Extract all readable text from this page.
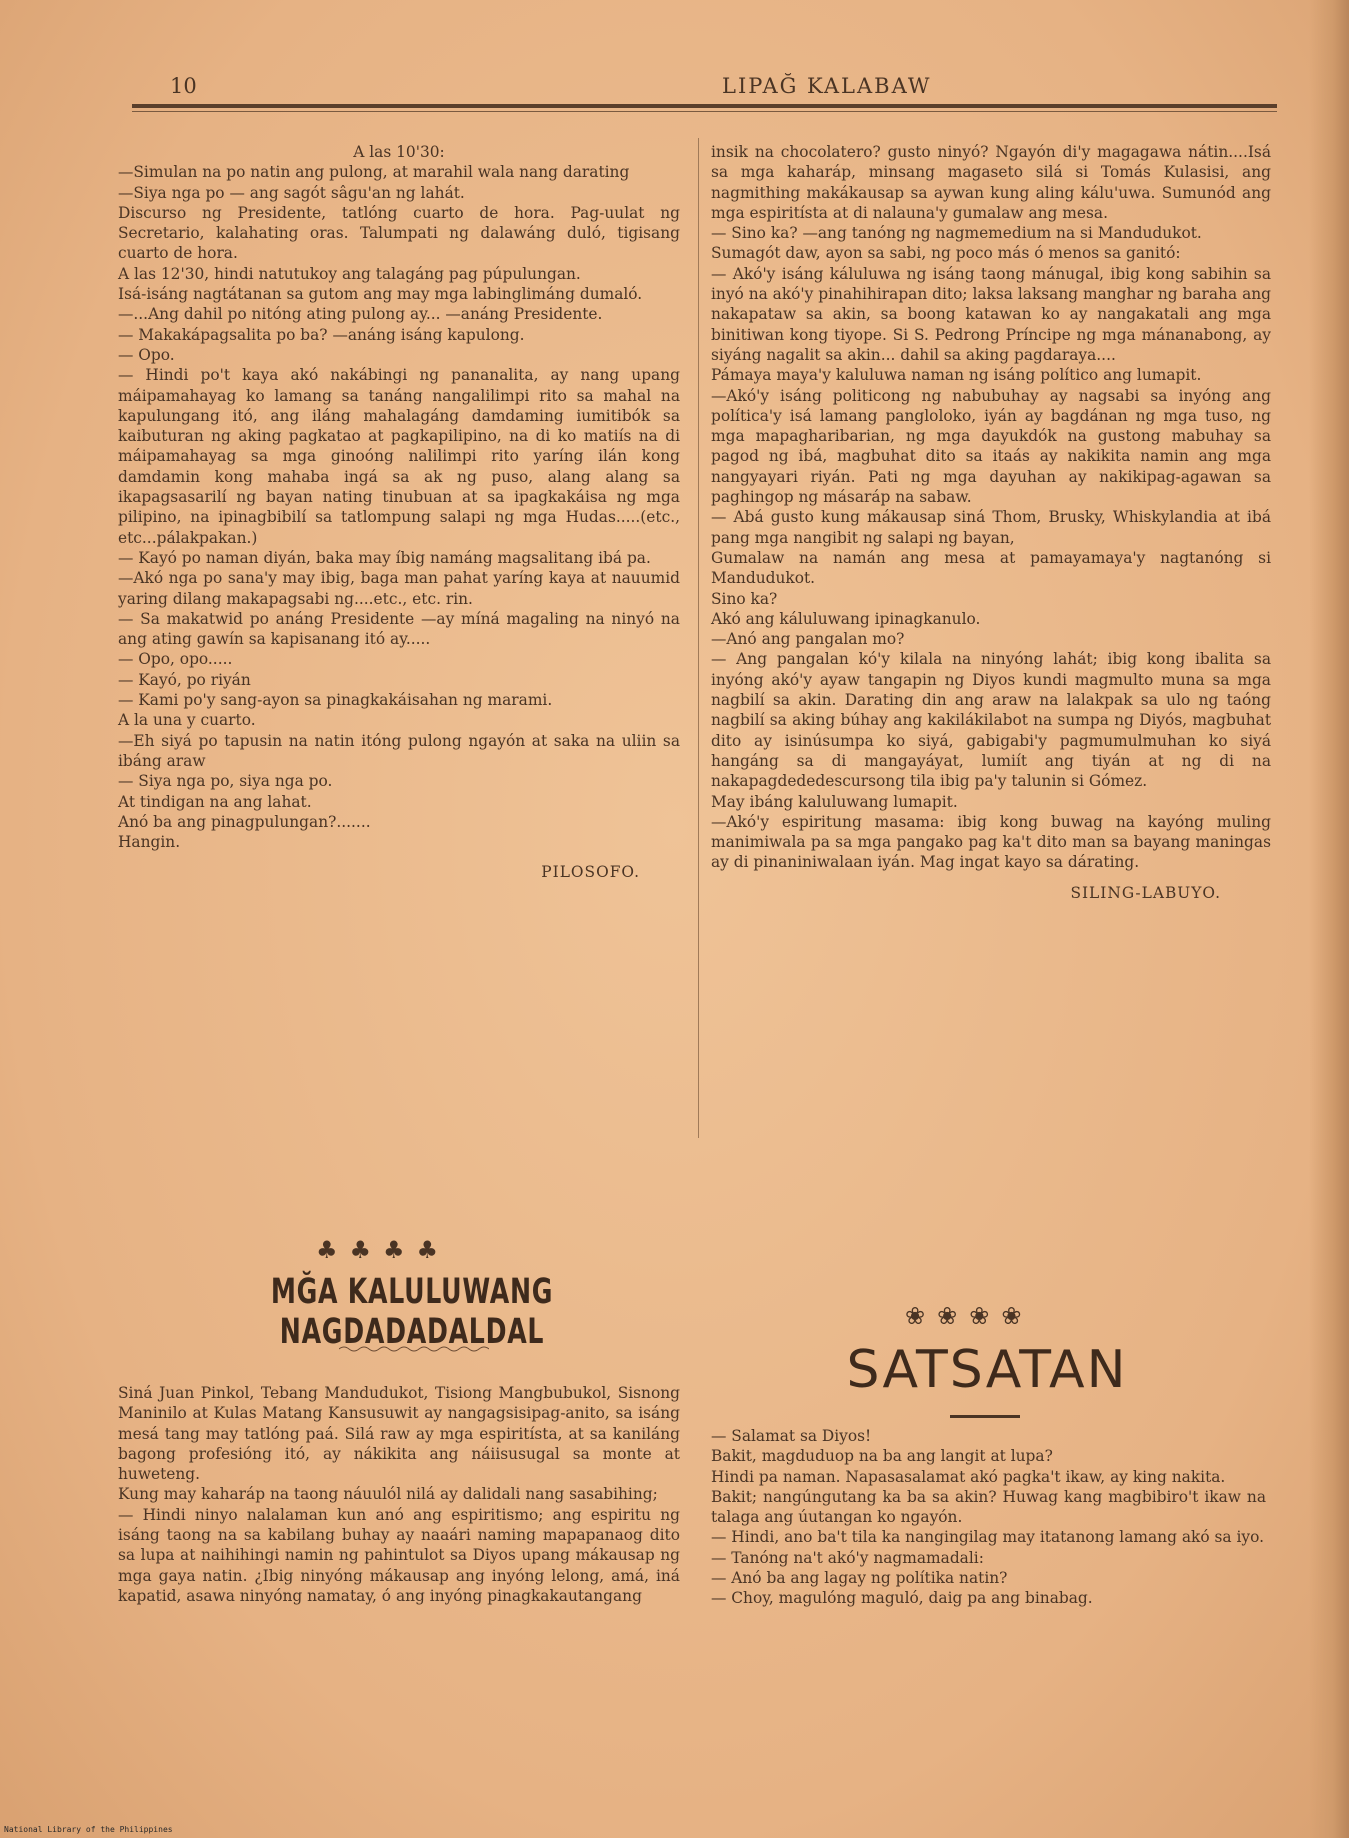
10	LIPAĞ KALABAW

A las 10'30:

—Simulan na po natin ang pulong, at marahil wala nang darating

—Siya nga po — ang sagót sâgu'an ng lahát.

Discurso ng Presidente, tatlóng cuarto de hora. Pag-uulat ng Secretario, kalahating oras. Talumpati ng dalawáng duló, tigisang cuarto de hora.

A las 12'30, hindi natutukoy ang talagáng pag púpulungan.

Isá-isáng nagtátanan sa gutom ang may mga labinglimáng dumaló.

—...Ang dahil po nitóng ating pulong ay... —anáng Presidente.

— Makakápagsalita po ba? —anáng isáng kapulong.

— Opo.

— Hindi po't kaya akó nakábingi ng pananalita, ay nang upang máipamahayag ko lamang sa tanáng nangalilimpi rito sa mahal na kapulungang itó, ang iláng mahalagáng damdaming iumitibók sa kaibuturan ng aking pagkatao at pagkapilipino, na di ko matiís na di máipamahayag sa mga ginoóng nalilimpi rito yaríng ilán kong damdamin kong mahaba ingá sa ak ng puso, alang alang sa ikapagsasarilí ng bayan nating tinubuan at sa ipagkakáisa ng mga pilipino, na ipinagbibilí sa tatlompung salapi ng mga Hudas.....(etc., etc...pálakpakan.)

— Kayó po naman diyán, baka may íbig namáng magsalitang ibá pa.

—Akó nga po sana'y may ibig, baga man pahat yaríng kaya at nauumid yaring dilang makapagsabi ng....etc., etc. rin.

— Sa makatwid po anáng Presidente —ay míná magaling na ninyó na ang ating gawín sa kapisanang itó ay.....

— Opo, opo.....

— Kayó, po riyán

— Kami po'y sang-ayon sa pinagkakáisahan ng marami.

A la una y cuarto.

—Eh siyá po tapusin na natin itóng pulong ngayón at saka na uliin sa ibáng araw

— Siya nga po, siya nga po.

At tindigan na ang lahat.

Anó ba ang pinagpulungan?.......

Hangin.

PILOSOFO.

♣♣♣♣
MĞA KALULUWANG NAGDADADALDAL

Siná Juan Pinkol, Tebang Mandudukot, Tisiong Mangbubukol, Sisnong Maninilo at Kulas Matang Kansusuwit ay nangagsisipag-anito, sa isáng mesá tang may tatlóng paá. Silá raw ay mga espiritísta, at sa kaniláng bagong profesióng itó, ay nákikita ang náiisusugal sa monte at huweteng.

Kung may kaharáp na taong náuulól nilá ay dalidali nang sasabihing;

— Hindi ninyo nalalaman kun anó ang espiritismo; ang espiritu ng isáng taong na sa kabilang buhay ay naaári naming mapapanaog dito sa lupa at naihihingi namin ng pahintulot sa Diyos upang mákausap ng mga gaya natin. ¿Ibig ninyóng mákausap ang inyóng lelong, amá, iná kapatid, asawa ninyóng namatay, ó ang inyóng pinagkakautangang

insik na chocolatero? gusto ninyó? Ngayón di'y magagawa nátin....Isá sa mga kaharáp, minsang magaseto silá si Tomás Kulasisi, ang nagmithing makákausap sa aywan kung aling kálu'uwa. Sumunód ang mga espiritísta at di nalauna'y gumalaw ang mesa.

— Sino ka? —ang tanóng ng nagmemedium na si Mandudukot.

Sumagót daw, ayon sa sabi, ng poco más ó menos sa ganitó:

— Akó'y isáng káluluwa ng isáng taong mánugal, ibig kong sabihin sa inyó na akó'y pinahihirapan dito; laksa laksang manghar ng baraha ang nakapataw sa akin, sa boong katawan ko ay nangakatali ang mga binitiwan kong tiyope. Si S. Pedrong Príncipe ng mga mánanabong, ay siyáng nagalit sa akin... dahil sa aking pagdaraya....

Pámaya maya'y kaluluwa naman ng isáng político ang lumapit.

—Akó'y isáng politicong ng nabubuhay ay nagsabi sa inyóng ang política'y isá lamang pangloloko, iyán ay bagdánan ng mga tuso, ng mga mapagharibarian, ng mga dayukdók na gustong mabuhay sa pagod ng ibá, magbuhat dito sa itaás ay nakikita namin ang mga nangyayari riyán. Pati ng mga dayuhan ay nakikipag-agawan sa paghingop ng másaráp na sabaw.

— Abá gusto kung mákausap siná Thom, Brusky, Whiskylandia at ibá pang mga nangibit ng salapi ng bayan,

Gumalaw na namán ang mesa at pamayamaya'y nagtanóng si Mandudukot.

Sino ka?

Akó ang káluluwang ipinagkanulo.

—Anó ang pangalan mo?

— Ang pangalan kó'y kilala na ninyóng lahát; ibig kong ibalita sa inyóng akó'y ayaw tangapin ng Diyos kundi magmulto muna sa mga nagbilí sa akin. Darating din ang araw na lalakpak sa ulo ng taóng nagbilí sa aking búhay ang kakilákilabot na sumpa ng Diyós, magbuhat dito ay isinúsumpa ko siyá, gabigabi'y pagmumulmuhan ko siyá hangáng sa di mangayáyat, lumiít ang tiyán at ng di na nakapagdededescursong tila ibig pa'y talunin si Gómez.

May ibáng kaluluwang lumapit.

—Akó'y espiritung masama: ibig kong buwag na kayóng muling manimiwala pa sa mga pangako pag ka't dito man sa bayang maningas ay di pinaniniwalaan iyán. Mag ingat kayo sa dárating.

SILING-LABUYO.

❀❀❀❀
SATSATAN

— Salamat sa Diyos!

Bakit, magduduop na ba ang langit at lupa?

Hindi pa naman. Napasasalamat akó pagka't ikaw, ay king nakita.

Bakit; nangúngutang ka ba sa akin? Huwag kang magbibiro't ikaw na talaga ang úutangan ko ngayón.

— Hindi, ano ba't tila ka nangingilag may itatanong lamang akó sa iyo.

— Tanóng na't akó'y nagmamadali:

— Anó ba ang lagay ng polítika natin?

— Choy, magulóng maguló, daig pa ang binabag.

National Library of the Philippines
